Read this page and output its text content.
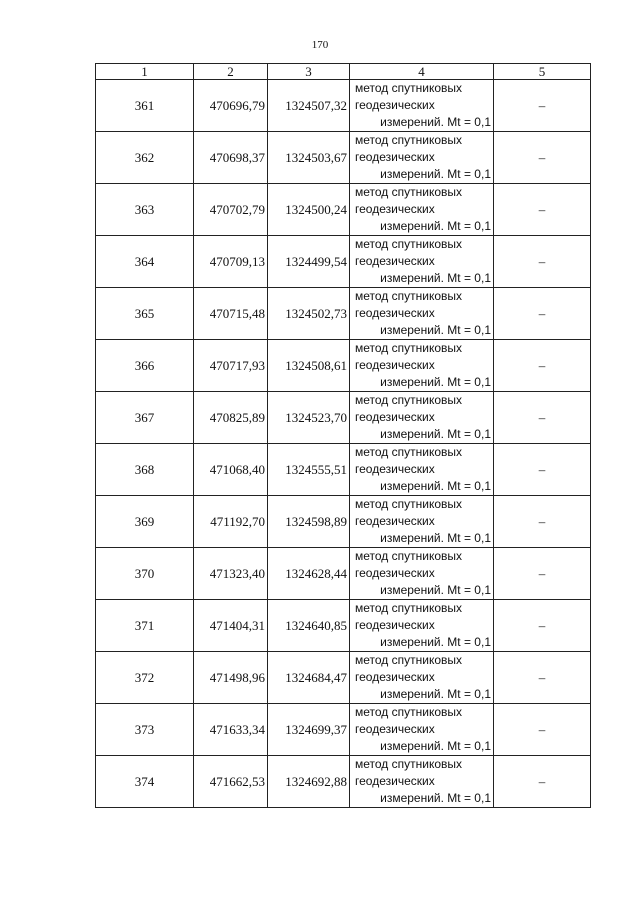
170
1	2	3	4	5
361	470696,79	1324507,32	метод спутниковых
геодезических
измерений. Mt = 0,1	–
362	470698,37	1324503,67	метод спутниковых
геодезических
измерений. Mt = 0,1	–
363	470702,79	1324500,24	метод спутниковых
геодезических
измерений. Mt = 0,1	–
364	470709,13	1324499,54	метод спутниковых
геодезических
измерений. Mt = 0,1	–
365	470715,48	1324502,73	метод спутниковых
геодезических
измерений. Mt = 0,1	–
366	470717,93	1324508,61	метод спутниковых
геодезических
измерений. Mt = 0,1	–
367	470825,89	1324523,70	метод спутниковых
геодезических
измерений. Mt = 0,1	–
368	471068,40	1324555,51	метод спутниковых
геодезических
измерений. Mt = 0,1	–
369	471192,70	1324598,89	метод спутниковых
геодезических
измерений. Mt = 0,1	–
370	471323,40	1324628,44	метод спутниковых
геодезических
измерений. Mt = 0,1	–
371	471404,31	1324640,85	метод спутниковых
геодезических
измерений. Mt = 0,1	–
372	471498,96	1324684,47	метод спутниковых
геодезических
измерений. Mt = 0,1	–
373	471633,34	1324699,37	метод спутниковых
геодезических
измерений. Mt = 0,1	–
374	471662,53	1324692,88	метод спутниковых
геодезических
измерений. Mt = 0,1	–
